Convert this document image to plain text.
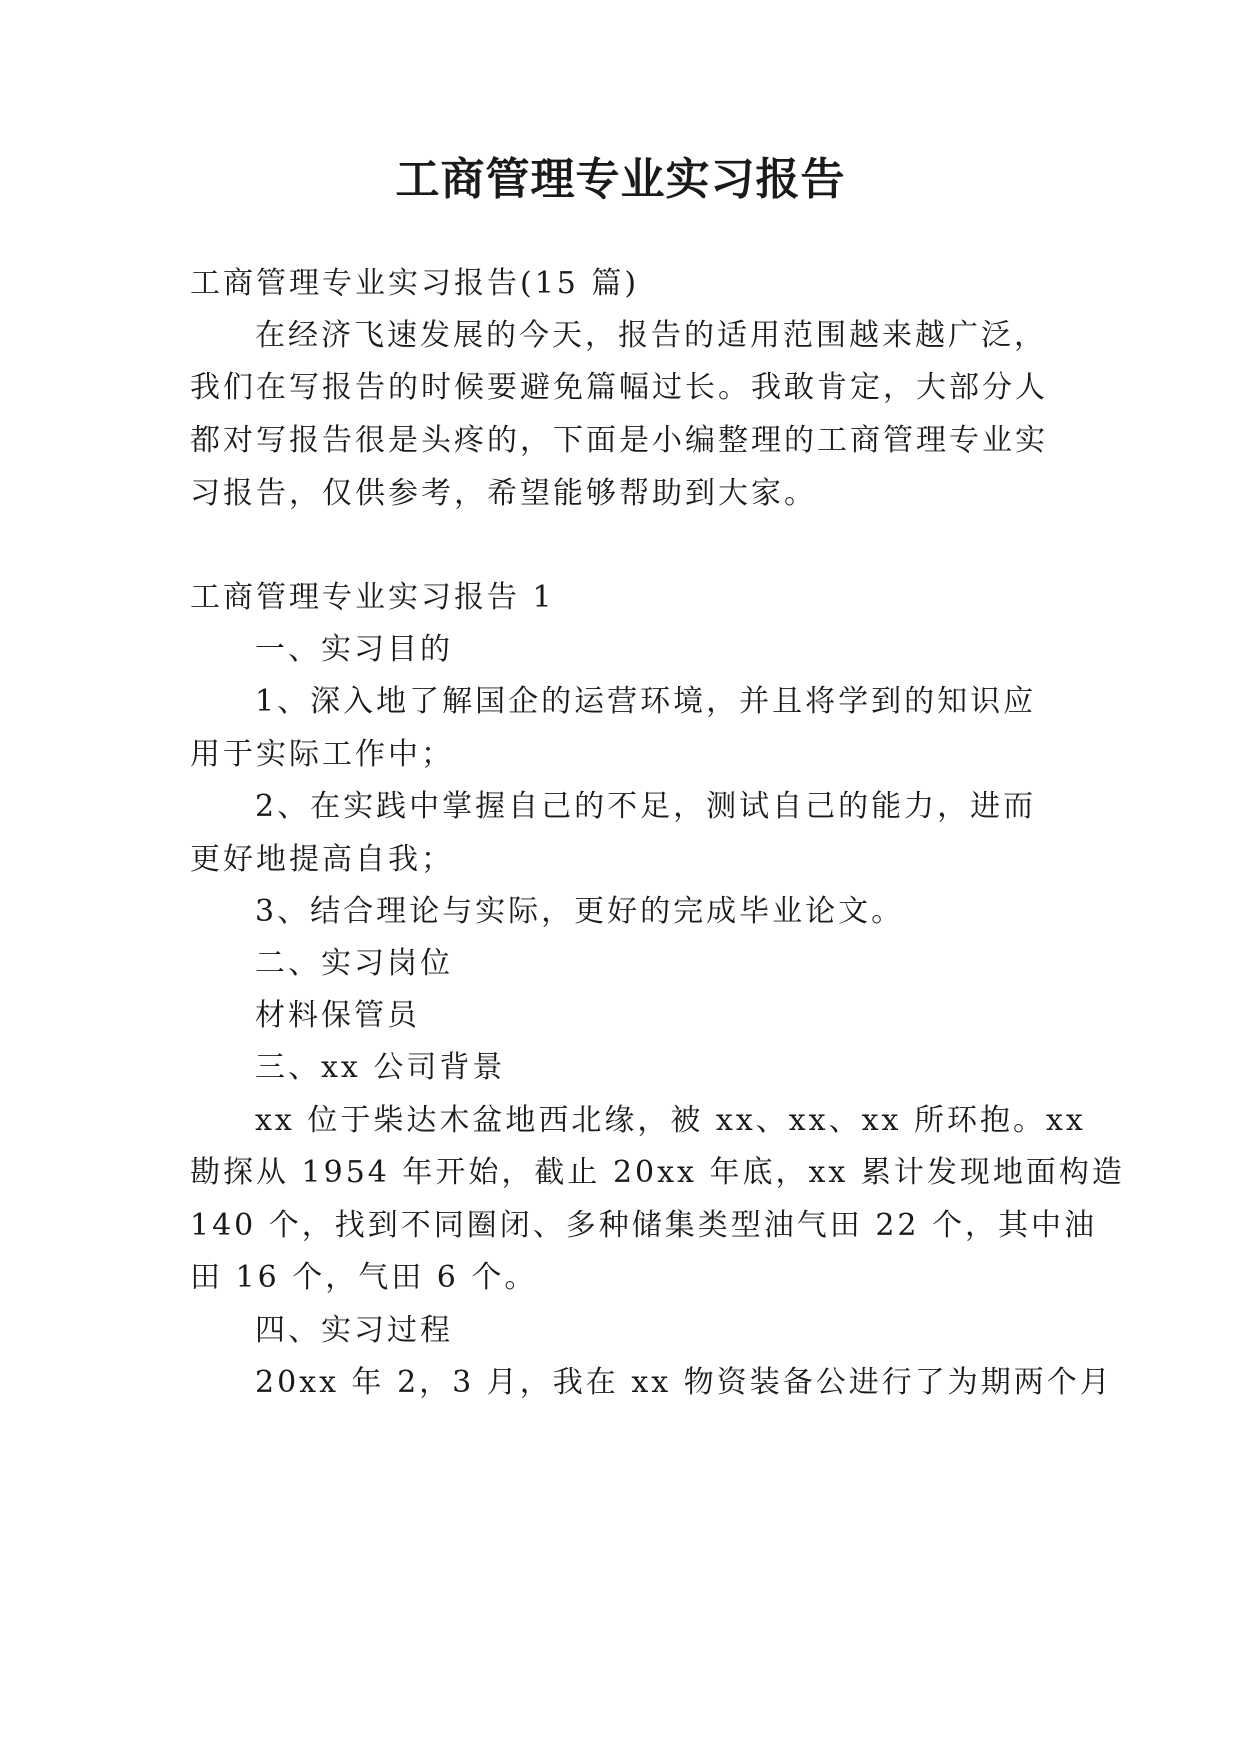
工商管理专业实习报告
工商管理专业实习报告(15 篇)
在经济飞速发展的今天，报告的适用范围越来越广泛，
我们在写报告的时候要避免篇幅过长。我敢肯定，大部分人
都对写报告很是头疼的，下面是小编整理的工商管理专业实
习报告，仅供参考，希望能够帮助到大家。
工商管理专业实习报告 1
一、实习目的
1、深入地了解国企的运营环境，并且将学到的知识应
用于实际工作中；
2、在实践中掌握自己的不足，测试自己的能力，进而
更好地提高自我；
3、结合理论与实际，更好的完成毕业论文。
二、实习岗位
材料保管员
三、xx 公司背景
xx 位于柴达木盆地西北缘，被 xx、xx、xx 所环抱。xx
勘探从 1954 年开始，截止 20xx 年底，xx 累计发现地面构造
140 个，找到不同圈闭、多种储集类型油气田 22 个，其中油
田 16 个，气田 6 个。
四、实习过程
20xx 年 2，3 月，我在 xx 物资装备公进行了为期两个月
